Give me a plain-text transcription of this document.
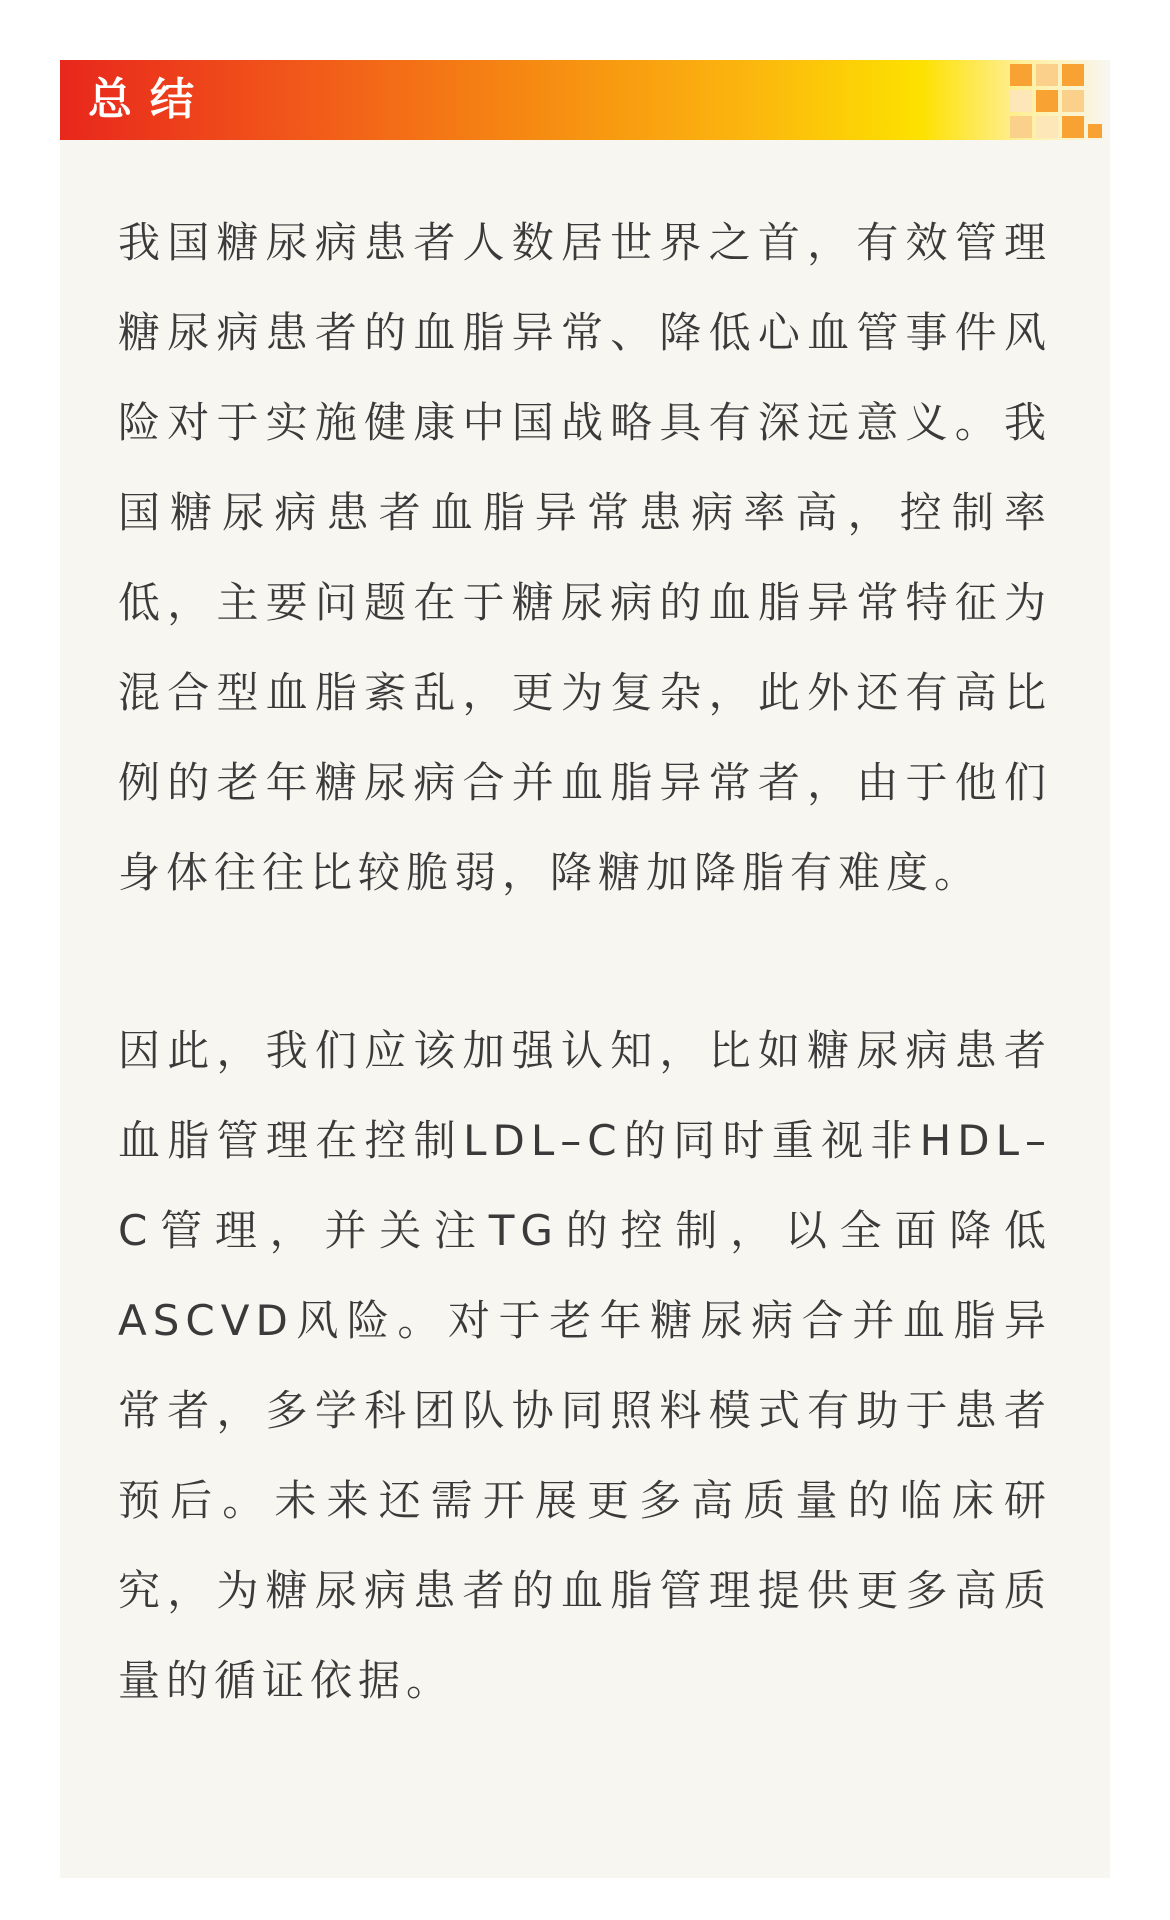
总结

我国糖尿病患者人数居世界之首，有效管理糖尿病患者的血脂异常、降低心血管事件风险对于实施健康中国战略具有深远意义。我国糖尿病患者血脂异常患病率高，控制率低，主要问题在于糖尿病的血脂异常特征为混合型血脂紊乱，更为复杂，此外还有高比例的老年糖尿病合并血脂异常者，由于他们身体往往比较脆弱，降糖加降脂有难度。

因此，我们应该加强认知，比如糖尿病患者血脂管理在控制LDL–C的同时重视非HDL–C管理，并关注TG的控制，以全面降低ASCVD风险。对于老年糖尿病合并血脂异常者，多学科团队协同照料模式有助于患者预后。未来还需开展更多高质量的临床研究，为糖尿病患者的血脂管理提供更多高质量的循证依据。
